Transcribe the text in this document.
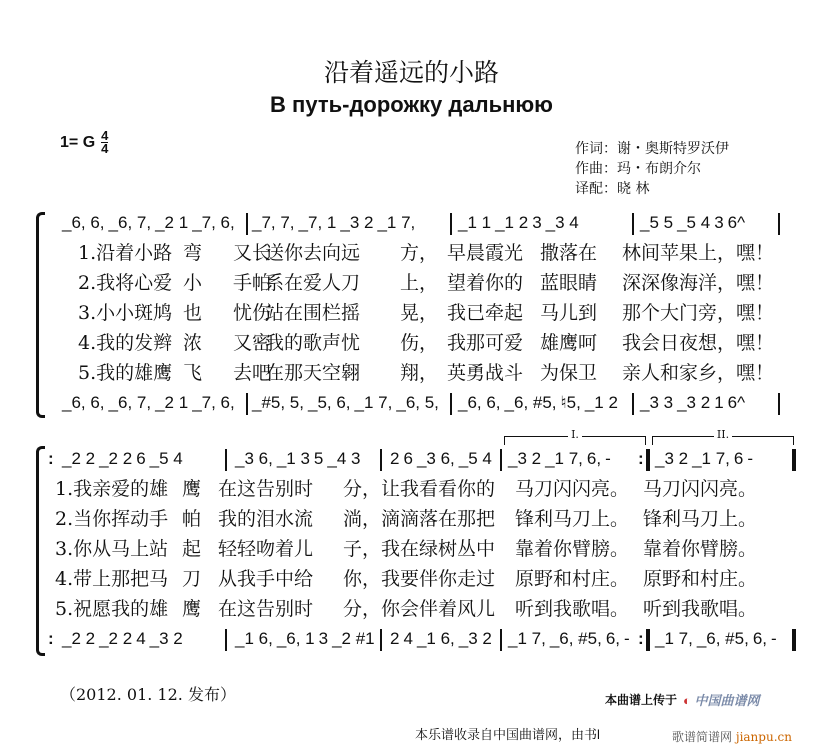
沿着遥远的小路
В путь-дорожку дальнюю
1= G $\frac{4}{4}$	作词：谢・奥斯特罗沃伊
作曲：玛・布朗介尔
译配：晓 林
_6, 6, _6, 7, _2 1 _7, 6, _7, 7, _7, 1 _3 2 _1 7,	_1 1 _1 2 3 _3 4	_5 5 _5 4 3 6^
1.沿着小路 弯 又长
送你去向远 方， 早晨霞光 撒落在 林间苹果上，嘿！
2.我将心爱 小 手帕
系在爱人刀 上， 望着你的 蓝眼睛 深深像海洋，嘿！
3.小小斑鸠 也 忧伤
站在围栏摇 晃， 我已牵起 马儿到 那个大门旁，嘿！
4.我的发辫 浓 又密
我的歌声忧 伤， 我那可爱 雄鹰呵 我会日夜想，嘿！
5.我的雄鹰 飞 去吧
在那天空翱 翔， 英勇战斗 为保卫 亲人和家乡，嘿！
_6, 6, _6, 7, _2 1 _7, 6, _#5, 5, _5, 6, _1 7, _6, 5, _6, 6, _6, #5, ♮5, _1 2 _3 3 _3 2 1 6^
: _2 2 _2 2 6 _5 4	_3 6, _1 3 5 _4 3 2 6 _3 6, _5 4 _3 2 _1 7, 6, - : _3 2 _1 7, 6 -
1.我亲爱的雄 鹰 在这告别时 分，让我看看你的 马刀闪闪亮。 马刀闪闪亮。
2.当你挥动手 帕 我的泪水流 淌，滴滴落在那把 锋利马刀上。 锋利马刀上。
3.你从马上站 起 轻轻吻着儿 子，我在绿树丛中 靠着你臂膀。 靠着你臂膀。
4.带上那把马 刀 从我手中给 你，我要伴你走过 原野和村庄。 原野和村庄。
5.祝愿我的雄 鹰 在这告别时 分，你会伴着风儿 听到我歌唱。 听到我歌唱。
: _2 2 _2 2 4 _3 2	_1 6, _6, 1 3 _2 #1 2 4 _1 6, _3 2 _1 7, _6, #5, 6, - : _1 7, _6, #5, 6, -
I.	II.
（2012. 01. 12. 发布）	本曲谱上传于 ◐ 中国曲谱网
本乐谱收录自中国曲谱网，由书l	歌谱简谱网 jianpu.cn
